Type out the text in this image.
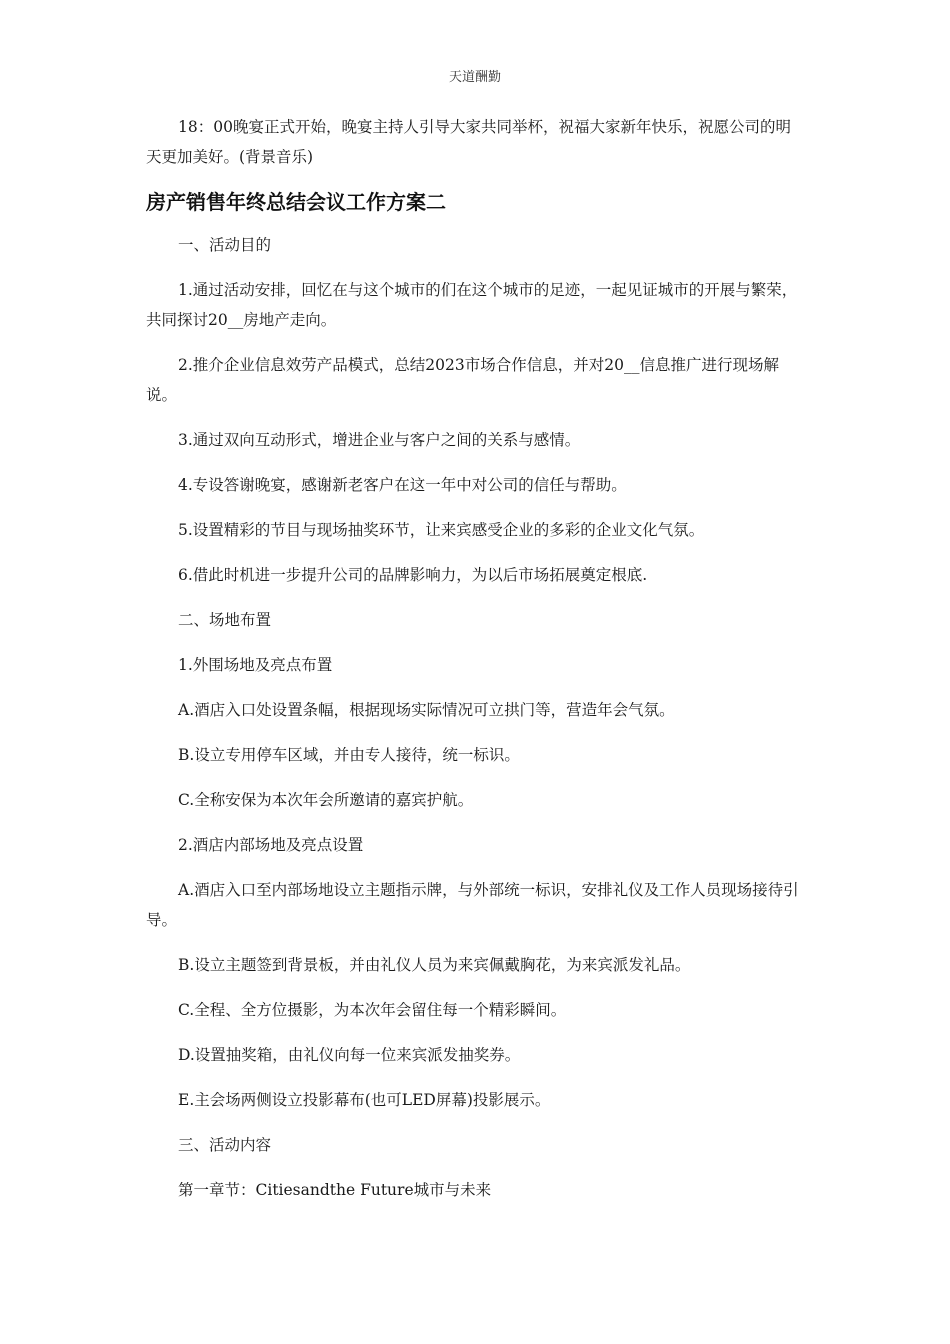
天道酬勤

18：00晚宴正式开始，晚宴主持人引导大家共同举杯，祝福大家新年快乐，祝愿公司的明天更加美好。(背景音乐)

房产销售年终总结会议工作方案二

一、活动目的

1.通过活动安排，回忆在与这个城市的们在这个城市的足迹，一起见证城市的开展与繁荣，共同探讨20__房地产走向。

2.推介企业信息效劳产品模式，总结2023市场合作信息，并对20__信息推广进行现场解说。

3.通过双向互动形式，增进企业与客户之间的关系与感情。

4.专设答谢晚宴，感谢新老客户在这一年中对公司的信任与帮助。

5.设置精彩的节目与现场抽奖环节，让来宾感受企业的多彩的企业文化气氛。

6.借此时机进一步提升公司的品牌影响力，为以后市场拓展奠定根底.

二、场地布置

1.外围场地及亮点布置

A.酒店入口处设置条幅，根据现场实际情况可立拱门等，营造年会气氛。

B.设立专用停车区域，并由专人接待，统一标识。

C.全称安保为本次年会所邀请的嘉宾护航。

2.酒店内部场地及亮点设置

A.酒店入口至内部场地设立主题指示牌，与外部统一标识，安排礼仪及工作人员现场接待引导。

B.设立主题签到背景板，并由礼仪人员为来宾佩戴胸花，为来宾派发礼品。

C.全程、全方位摄影，为本次年会留住每一个精彩瞬间。

D.设置抽奖箱，由礼仪向每一位来宾派发抽奖券。

E.主会场两侧设立投影幕布(也可LED屏幕)投影展示。

三、活动内容

第一章节：Citiesandthe Future城市与未来
